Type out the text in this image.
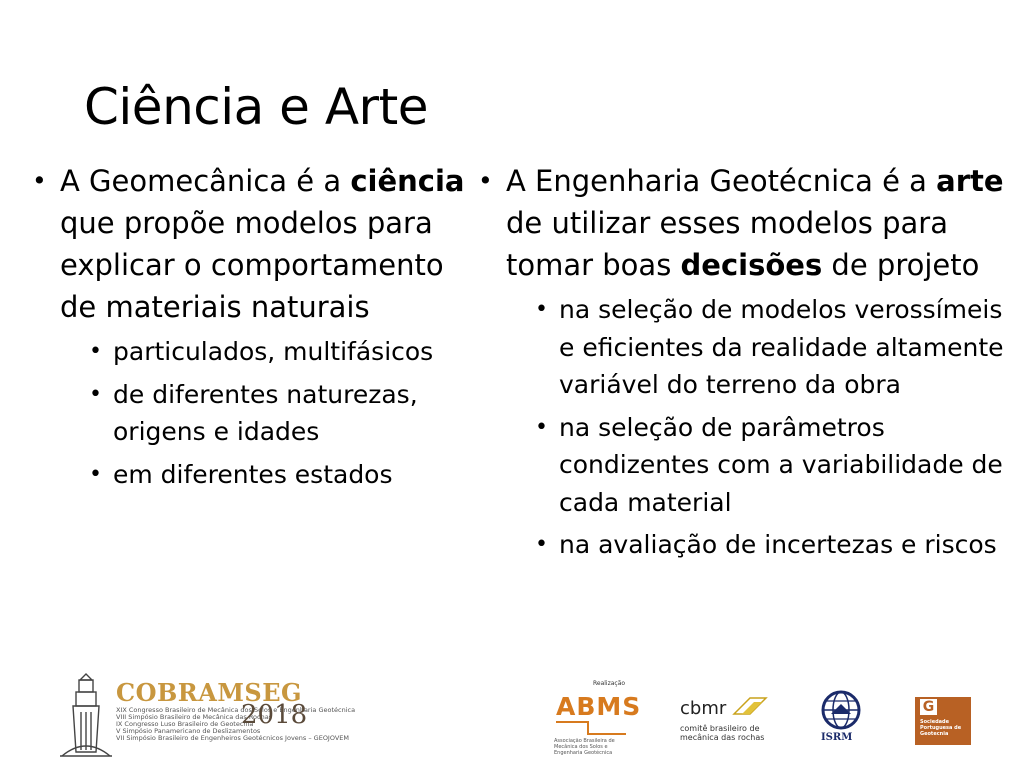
Ciência e Arte

• A Geomecânica é a ciência que propõe modelos para explicar o comportamento de materiais naturais

• particulados, multifásicos

• de diferentes naturezas, origens e idades

• em diferentes estados

• A Engenharia Geotécnica é a arte de utilizar esses modelos para tomar boas decisões de projeto

• na seleção de modelos verossímeis e eficientes da realidade altamente variável do terreno da obra

• na seleção de parâmetros condizentes com a variabilidade de cada material

• na avaliação de incertezas e riscos

COBRAMSEG
XIX Congresso Brasileiro de Mecânica dos Solos e Engenharia Geotécnica
VIII Simpósio Brasileiro de Mecânica das Rochas
IX Congresso Luso Brasileiro de Geotecnia
V Simpósio Panamericano de Deslizamentos
VII Simpósio Brasileiro de Engenheiros Geotécnicos Jovens – GEOJOVEM
2018
Realização
ABMS
Associação Brasileira de Mecânica dos Solos e Engenharia Geotécnica
cbmr
comitê brasileiro de mecânica das rochas	ISRM
G
Sociedade Portuguesa de Geotecnia
